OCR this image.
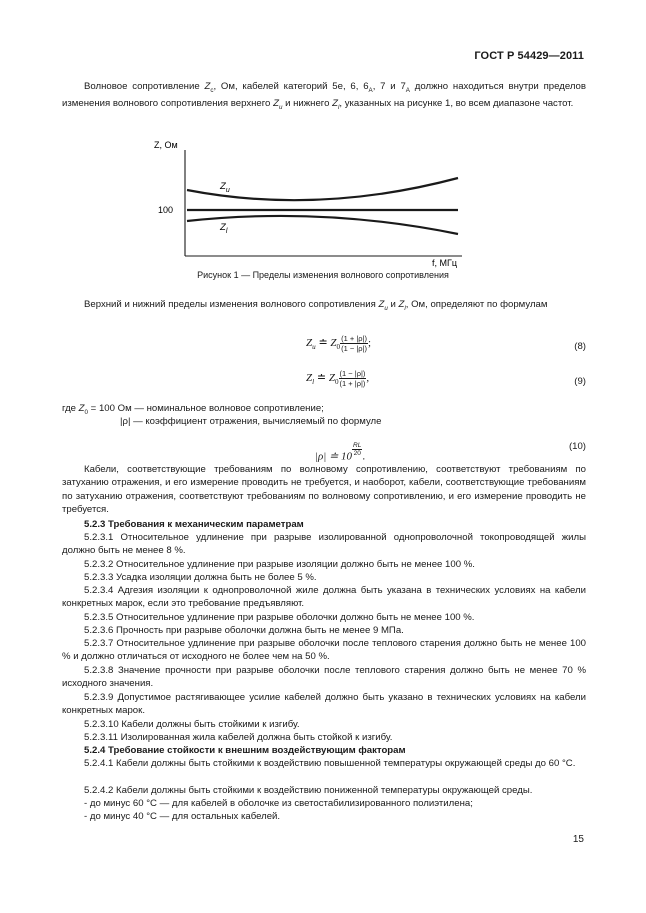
ГОСТ Р 54429—2011
Волновое сопротивление $Z_c$, Ом, кабелей категорий 5е, 6, $6_A$, 7 и $7_A$ должно находиться внутри пределов изменения волнового сопротивления верхнего $Z_u$ и нижнего $Z_l$, указанных на рисунке 1, во всем диапазоне частот.
Z, Ом
f, МГц
100
$Z_u$
$Z_l$
Рисунок 1 — Пределы изменения волнового сопротивления
Верхний и нижний пределы изменения волнового сопротивления $Z_u$ и $Z_l$, Ом, определяют по формулам
$Z_u$ ≐ $Z_0 \frac{(1 + |\rho|)}{(1 - |\rho|)}$ ;	(8)
$Z_l$ ≐ $Z_0 \frac{(1 - |\rho|)}{(1 + |\rho|)}$ ,	(9)
где $Z_0 = 100$ Ом — номинальное волновое сопротивление;
|ρ| — коэффициент отражения, вычисляемый по формуле
|ρ| ≐ $10 \frac{RL}{20}$ .
(10)
Кабели, соответствующие требованиям по волновому сопротивлению, соответствуют требованиям по затуханию отражения, и его измерение проводить не требуется, и наоборот, кабели, соответствующие требованиям по затуханию отражения, соответствуют требованиям по волновому сопротивлению, и его измерение проводить не требуется.
5.2.3 Требования к механическим параметрам
5.2.3.1 Относительное удлинение при разрыве изолированной однопроволочной токопроводящей жилы должно быть не менее 8 %.
5.2.3.2 Относительное удлинение при разрыве изоляции должно быть не менее 100 %.
5.2.3.3 Усадка изоляции должна быть не более 5 %.
5.2.3.4 Адгезия изоляции к однопроволочной жиле должна быть указана в технических условиях на кабели конкретных марок, если это требование предъявляют.
5.2.3.5 Относительное удлинение при разрыве оболочки должно быть не менее 100 %.
5.2.3.6 Прочность при разрыве оболочки должна быть не менее 9 МПа.
5.2.3.7 Относительное удлинение при разрыве оболочки после теплового старения должно быть не менее 100 % и должно отличаться от исходного не более чем на 50 %.
5.2.3.8 Значение прочности при разрыве оболочки после теплового старения должно быть не менее 70 % исходного значения.
5.2.3.9 Допустимое растягивающее усилие кабелей должно быть указано в технических условиях на кабели конкретных марок.
5.2.3.10 Кабели должны быть стойкими к изгибу.
5.2.3.11 Изолированная жила кабелей должна быть стойкой к изгибу.
5.2.4 Требование стойкости к внешним воздействующим факторам
5.2.4.1 Кабели должны быть стойкими к воздействию повышенной температуры окружающей среды до 60 °С.
5.2.4.2 Кабели должны быть стойкими к воздействию пониженной температуры окружающей среды.
- до минус 60 °С — для кабелей в оболочке из светостабилизированного полиэтилена;
- до минус 40 °С — для остальных кабелей.
15
